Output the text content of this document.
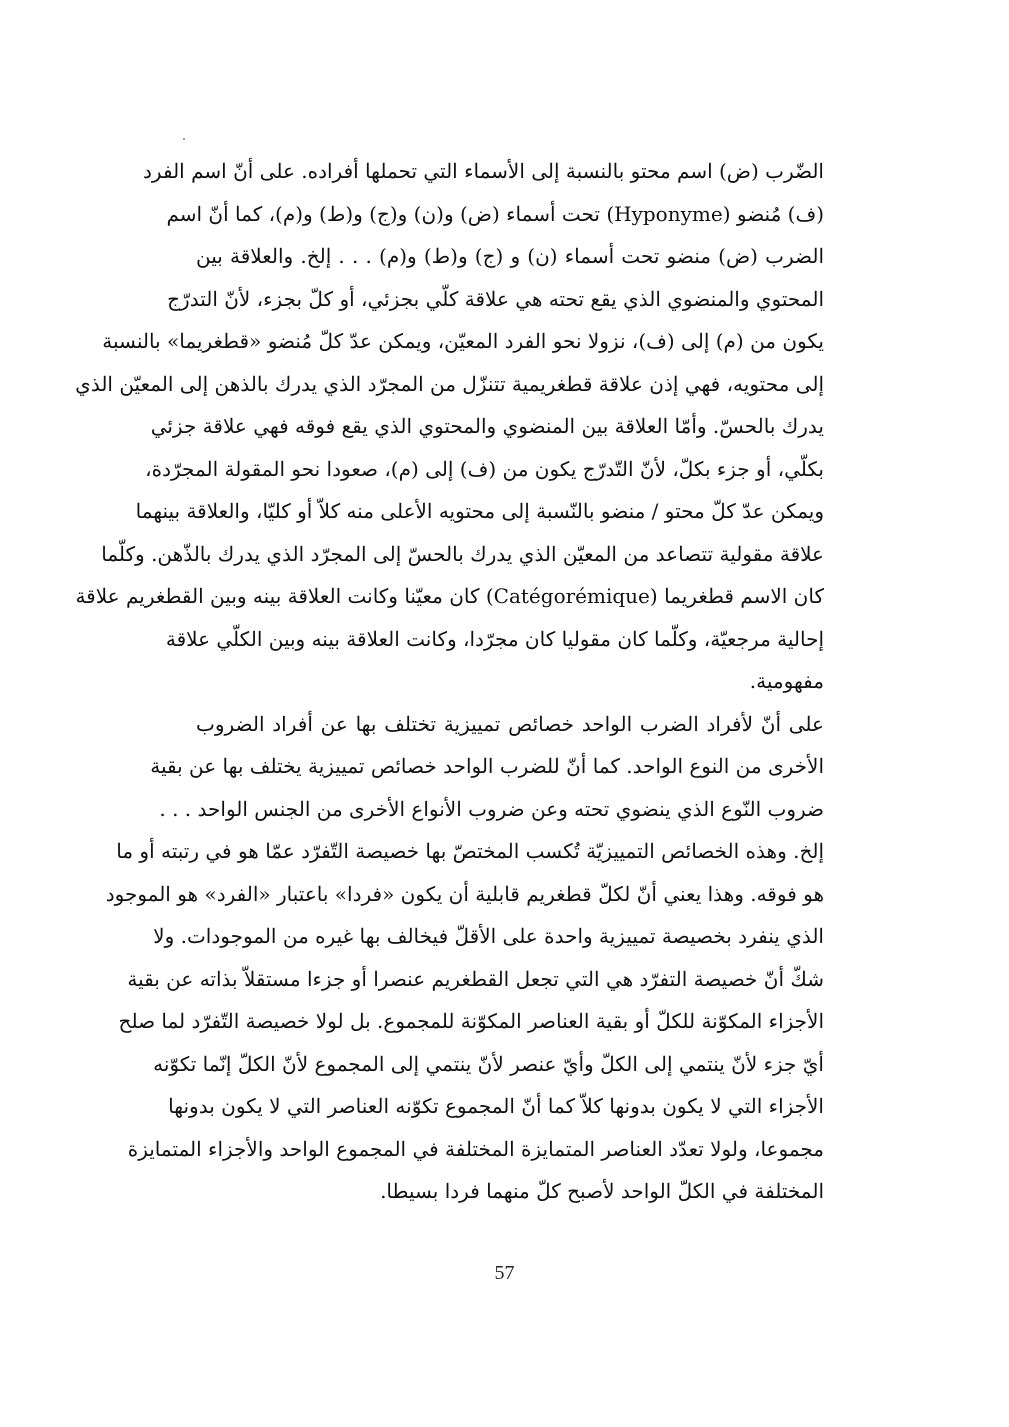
الضّرب (ض) اسم محتو بالنسبة إلى الأسماء التي تحملها أفراده. على أنّ اسم الفرد
(ف) مُنضو (Hyponyme) تحت أسماء (ض) و(ن) و(ج) و(ط) و(م)، كما أنّ اسم
الضرب (ض) منضو تحت أسماء (ن) و (ج) و(ط) و(م) . . . إلخ. والعلاقة بين
المحتوي والمنضوي الذي يقع تحته هي علاقة كلّي بجزئي، أو كلّ بجزء، لأنّ التدرّج
يكون من (م) إلى (ف)، نزولا نحو الفرد المعيّن، ويمكن عدّ كلّ مُنضو «قطغريما» بالنسبة
إلى محتويه، فهي إذن علاقة قطغريمية تتنزّل من المجرّد الذي يدرك بالذهن إلى المعيّن الذي
يدرك بالحسّ. وأمّا العلاقة بين المنضوي والمحتوي الذي يقع فوقه فهي علاقة جزئي
بكلّي، أو جزء بكلّ، لأنّ التّدرّج يكون من (ف) إلى (م)، صعودا نحو المقولة المجرّدة،
ويمكن عدّ كلّ محتو / منضو بالنّسبة إلى محتويه الأعلى منه كلاّ أو كليّا، والعلاقة بينهما
علاقة مقولية تتصاعد من المعيّن الذي يدرك بالحسّ إلى المجرّد الذي يدرك بالذّهن. وكلّما
كان الاسم قطغريما (Catégorémique) كان معيّنا وكانت العلاقة بينه وبين القطغريم علاقة
إحالية مرجعيّة، وكلّما كان مقوليا كان مجرّدا، وكانت العلاقة بينه وبين الكلّي علاقة
مفهومية.
على أنّ لأفراد الضرب الواحد خصائص تمييزية تختلف بها عن أفراد الضروب
الأخرى من النوع الواحد. كما أنّ للضرب الواحد خصائص تمييزية يختلف بها عن بقية
ضروب النّوع الذي ينضوي تحته وعن ضروب الأنواع الأخرى من الجنس الواحد . . .
إلخ. وهذه الخصائص التمييزيّة تُكسب المختصّ بها خصيصة التّفرّد عمّا هو في رتبته أو ما
هو فوقه. وهذا يعني أنّ لكلّ قطغريم قابلية أن يكون «فردا» باعتبار «الفرد» هو الموجود
الذي ينفرد بخصيصة تمييزية واحدة على الأقلّ فيخالف بها غيره من الموجودات. ولا
شكّ أنّ خصيصة التفرّد هي التي تجعل القطغريم عنصرا أو جزءا مستقلاّ بذاته عن بقية
الأجزاء المكوّنة للكلّ أو بقية العناصر المكوّنة للمجموع. بل لولا خصيصة التّفرّد لما صلح
أيّ جزء لأنّ ينتمي إلى الكلّ وأيّ عنصر لأنّ ينتمي إلى المجموع لأنّ الكلّ إنّما تكوّنه
الأجزاء التي لا يكون بدونها كلاّ كما أنّ المجموع تكوّنه العناصر التي لا يكون بدونها
مجموعا، ولولا تعدّد العناصر المتمايزة المختلفة في المجموع الواحد والأجزاء المتمايزة
المختلفة في الكلّ الواحد لأصبح كلّ منهما فردا بسيطا.
57
